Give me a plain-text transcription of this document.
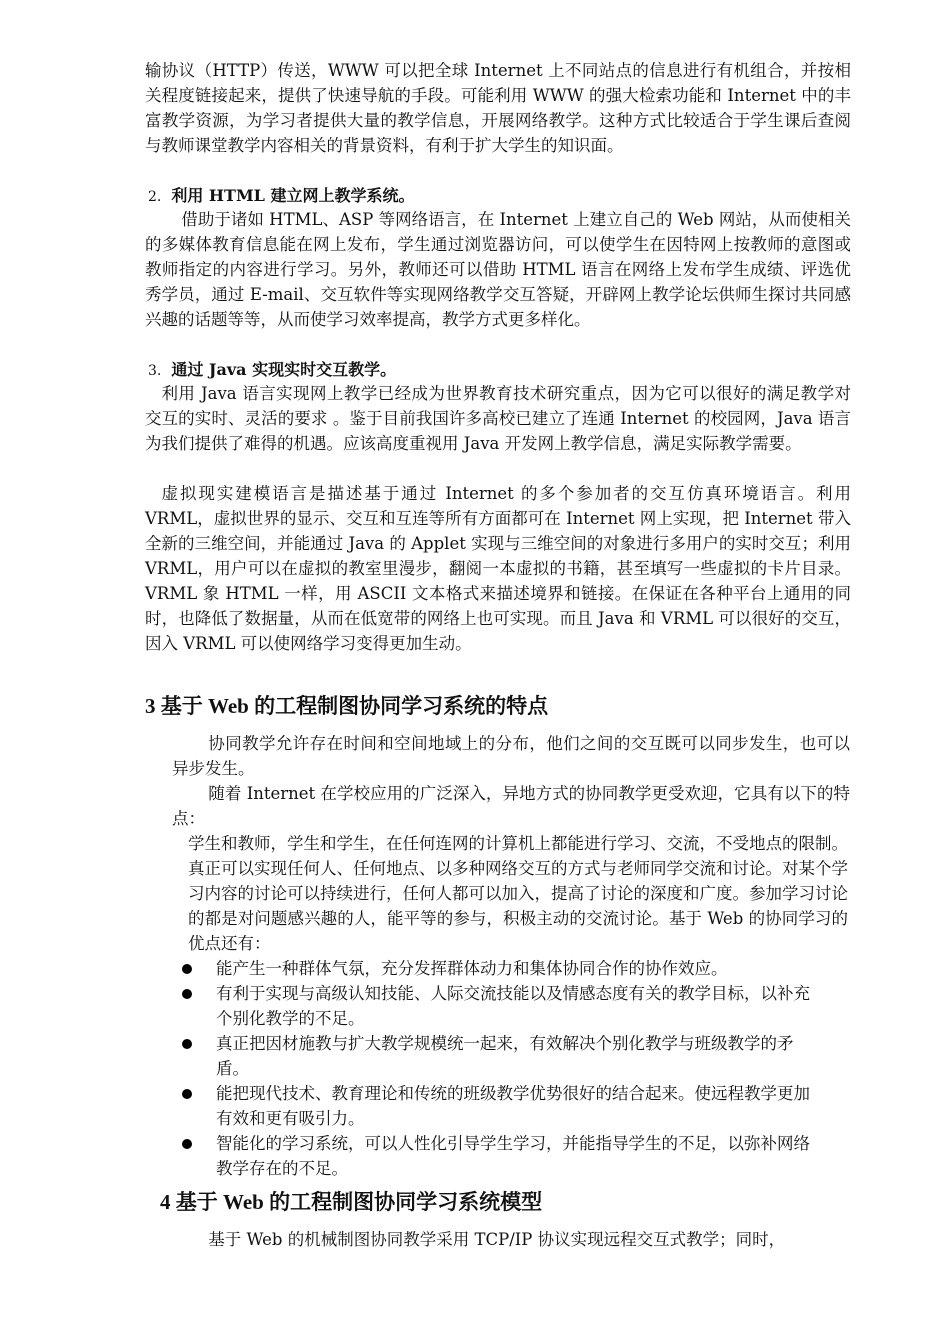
输协议（HTTP）传送，WWW 可以把全球 Internet 上不同站点的信息进行有机组合，并按相关程度链接起来，提供了快速导航的手段。可能利用 WWW 的强大检索功能和 Internet 中的丰富教学资源，为学习者提供大量的教学信息，开展网络教学。这种方式比较适合于学生课后查阅与教师课堂教学内容相关的背景资料，有利于扩大学生的知识面。

2. 利用 HTML 建立网上教学系统。

借助于诸如 HTML、ASP 等网络语言，在 Internet 上建立自己的 Web 网站，从而使相关的多媒体教育信息能在网上发布，学生通过浏览器访问，可以使学生在因特网上按教师的意图或教师指定的内容进行学习。另外，教师还可以借助 HTML 语言在网络上发布学生成绩、评选优秀学员，通过 E-mail、交互软件等实现网络教学交互答疑，开辟网上教学论坛供师生探讨共同感兴趣的话题等等，从而使学习效率提高，教学方式更多样化。

3. 通过 Java 实现实时交互教学。

利用 Java 语言实现网上教学已经成为世界教育技术研究重点，因为它可以很好的满足教学对交互的实时、灵活的要求 。鉴于目前我国许多高校已建立了连通 Internet 的校园网，Java 语言为我们提供了难得的机遇。应该高度重视用 Java 开发网上教学信息，满足实际教学需要。

虚拟现实建模语言是描述基于通过 Internet 的多个参加者的交互仿真环境语言。利用 VRML，虚拟世界的显示、交互和互连等所有方面都可在 Internet 网上实现，把 Internet 带入全新的三维空间，并能通过 Java 的 Applet 实现与三维空间的对象进行多用户的实时交互；利用 VRML，用户可以在虚拟的教室里漫步，翻阅一本虚拟的书籍，甚至填写一些虚拟的卡片目录。VRML 象 HTML 一样，用 ASCII 文本格式来描述境界和链接。在保证在各种平台上通用的同时，也降低了数据量，从而在低宽带的网络上也可实现。而且 Java 和 VRML 可以很好的交互，因入 VRML 可以使网络学习变得更加生动。

3 基于 Web 的工程制图协同学习系统的特点

协同教学允许存在时间和空间地域上的分布，他们之间的交互既可以同步发生，也可以异步发生。

随着 Internet 在学校应用的广泛深入，异地方式的协同教学更受欢迎，它具有以下的特点：

学生和教师，学生和学生，在任何连网的计算机上都能进行学习、交流，不受地点的限制。真正可以实现任何人、任何地点、以多种网络交互的方式与老师同学交流和讨论。对某个学习内容的讨论可以持续进行，任何人都可以加入，提高了讨论的深度和广度。参加学习讨论的都是对问题感兴趣的人，能平等的参与，积极主动的交流讨论。基于 Web 的协同学习的优点还有：

能产生一种群体气氛，充分发挥群体动力和集体协同合作的协作效应。
有利于实现与高级认知技能、人际交流技能以及情感态度有关的教学目标，以补充个别化教学的不足。
真正把因材施教与扩大教学规模统一起来，有效解决个别化教学与班级教学的矛盾。
能把现代技术、教育理论和传统的班级教学优势很好的结合起来。使远程教学更加有效和更有吸引力。
智能化的学习系统，可以人性化引导学生学习，并能指导学生的不足，以弥补网络教学存在的不足。
4 基于 Web 的工程制图协同学习系统模型

基于 Web 的机械制图协同教学采用 TCP/IP 协议实现远程交互式教学；同时，
